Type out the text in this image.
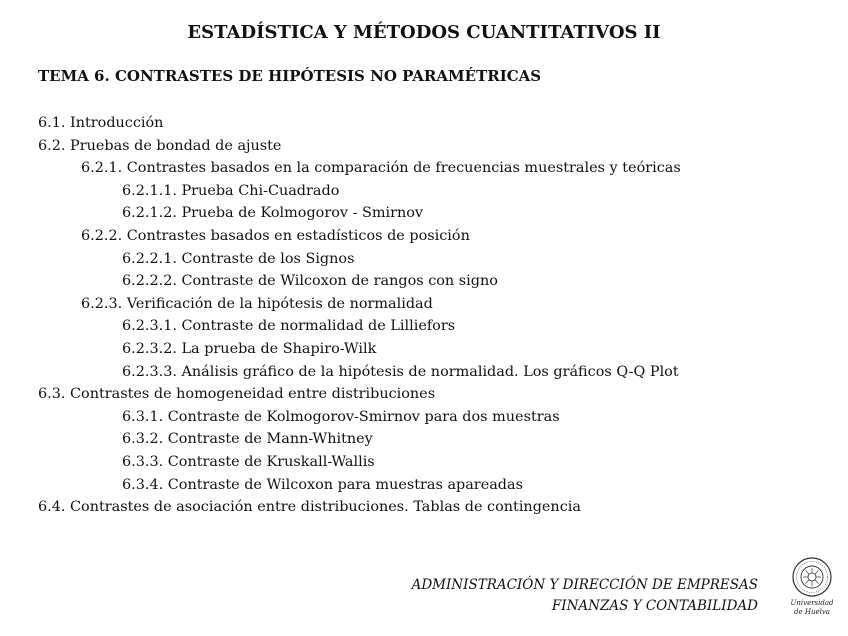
ESTADÍSTICA Y MÉTODOS CUANTITATIVOS II
TEMA 6. CONTRASTES DE HIPÓTESIS NO PARAMÉTRICAS
6.1. Introducción
6.2. Pruebas de bondad de ajuste
6.2.1. Contrastes basados en la comparación de frecuencias muestrales y teóricas
6.2.1.1. Prueba Chi-Cuadrado
6.2.1.2. Prueba de Kolmogorov - Smirnov
6.2.2. Contrastes basados en estadísticos de posición
6.2.2.1. Contraste de los Signos
6.2.2.2. Contraste de Wilcoxon de rangos con signo
6.2.3. Verificación de la hipótesis de normalidad
6.2.3.1. Contraste de normalidad de Lilliefors
6.2.3.2. La prueba de Shapiro-Wilk
6.2.3.3. Análisis gráfico de la hipótesis de normalidad. Los gráficos Q-Q Plot
6.3. Contrastes de homogeneidad entre distribuciones
6.3.1. Contraste de Kolmogorov-Smirnov para dos muestras
6.3.2. Contraste de Mann-Whitney
6.3.3. Contraste de Kruskall-Wallis
6.3.4. Contraste de Wilcoxon para muestras apareadas
6.4. Contrastes de asociación entre distribuciones. Tablas de contingencia
ADMINISTRACIÓN Y DIRECCIÓN DE EMPRESAS
FINANZAS Y CONTABILIDAD	Universidad
de Huelva
